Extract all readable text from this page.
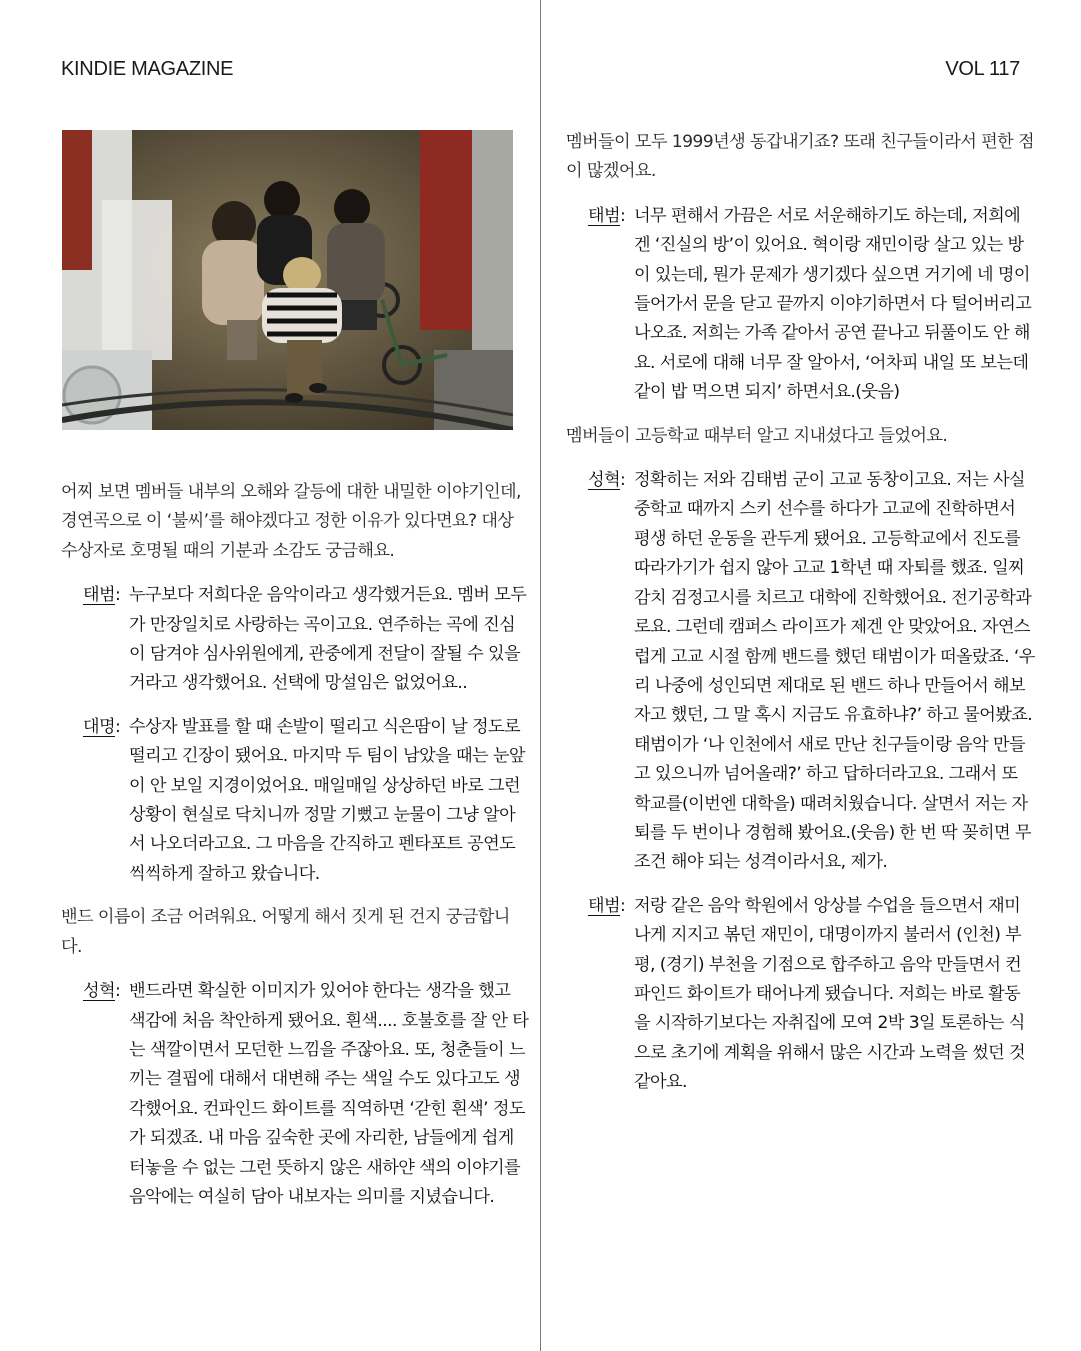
KINDIE MAGAZINE	VOL 117

어찌 보면 멤버들 내부의 오해와 갈등에 대한 내밀한 이야기인데, 경연곡으로 이 ‘불씨’를 해야겠다고 정한 이유가 있다면요? 대상 수상자로 호명될 때의 기분과 소감도 궁금해요.

태범 : 누구보다 저희다운 음악이라고 생각했거든요. 멤버 모두가 만장일치로 사랑하는 곡이고요. 연주하는 곡에 진심이 담겨야 심사위원에게, 관중에게 전달이 잘될 수 있을 거라고 생각했어요. 선택에 망설임은 없었어요..
대명 : 수상자 발표를 할 때 손발이 떨리고 식은땀이 날 정도로 떨리고 긴장이 됐어요. 마지막 두 팀이 남았을 때는 눈앞이 안 보일 지경이었어요. 매일매일 상상하던 바로 그런 상황이 현실로 닥치니까 정말 기뻤고 눈물이 그냥 알아서 나오더라고요. 그 마음을 간직하고 펜타포트 공연도 씩씩하게 잘하고 왔습니다.

밴드 이름이 조금 어려워요. 어떻게 해서 짓게 된 건지 궁금합니다.

성혁 : 밴드라면 확실한 이미지가 있어야 한다는 생각을 했고 색감에 처음 착안하게 됐어요. 흰색.... 호불호를 잘 안 타는 색깔이면서 모던한 느낌을 주잖아요. 또, 청춘들이 느끼는 결핍에 대해서 대변해 주는 색일 수도 있다고도 생각했어요. 컨파인드 화이트를 직역하면 ‘갇힌 흰색’ 정도가 되겠죠. 내 마음 깊숙한 곳에 자리한, 남들에게 쉽게 터놓을 수 없는 그런 뜻하지 않은 새하얀 색의 이야기를 음악에는 여실히 담아 내보자는 의미를 지녔습니다.

멤버들이 모두 1999년생 동갑내기죠? 또래 친구들이라서 편한 점이 많겠어요.

태범 : 너무 편해서 가끔은 서로 서운해하기도 하는데, 저희에겐 ‘진실의 방’이 있어요. 혁이랑 재민이랑 살고 있는 방이 있는데, 뭔가 문제가 생기겠다 싶으면 거기에 네 명이 들어가서 문을 닫고 끝까지 이야기하면서 다 털어버리고 나오죠. 저희는 가족 같아서 공연 끝나고 뒤풀이도 안 해요. 서로에 대해 너무 잘 알아서, ‘어차피 내일 또 보는데 같이 밥 먹으면 되지’ 하면서요.(웃음)

멤버들이 고등학교 때부터 알고 지내셨다고 들었어요.

성혁 : 정확히는 저와 김태범 군이 고교 동창이고요. 저는 사실 중학교 때까지 스키 선수를 하다가 고교에 진학하면서 평생 하던 운동을 관두게 됐어요. 고등학교에서 진도를 따라가기가 쉽지 않아 고교 1학년 때 자퇴를 했죠. 일찌감치 검정고시를 치르고 대학에 진학했어요. 전기공학과로요. 그런데 캠퍼스 라이프가 제겐 안 맞았어요. 자연스럽게 고교 시절 함께 밴드를 했던 태범이가 떠올랐죠. ‘우리 나중에 성인되면 제대로 된 밴드 하나 만들어서 해보자고 했던, 그 말 혹시 지금도 유효하냐?’ 하고 물어봤죠. 태범이가 ‘나 인천에서 새로 만난 친구들이랑 음악 만들고 있으니까 넘어올래?’ 하고 답하더라고요. 그래서 또 학교를(이번엔 대학을) 때려치웠습니다. 살면서 저는 자퇴를 두 번이나 경험해 봤어요.(웃음) 한 번 딱 꽂히면 무조건 해야 되는 성격이라서요, 제가.
태범 : 저랑 같은 음악 학원에서 앙상블 수업을 들으면서 재미나게 지지고 볶던 재민이, 대명이까지 불러서 (인천) 부평, (경기) 부천을 기점으로 합주하고 음악 만들면서 컨파인드 화이트가 태어나게 됐습니다. 저희는 바로 활동을 시작하기보다는 자취집에 모여 2박 3일 토론하는 식으로 초기에 계획을 위해서 많은 시간과 노력을 썼던 것 같아요.
